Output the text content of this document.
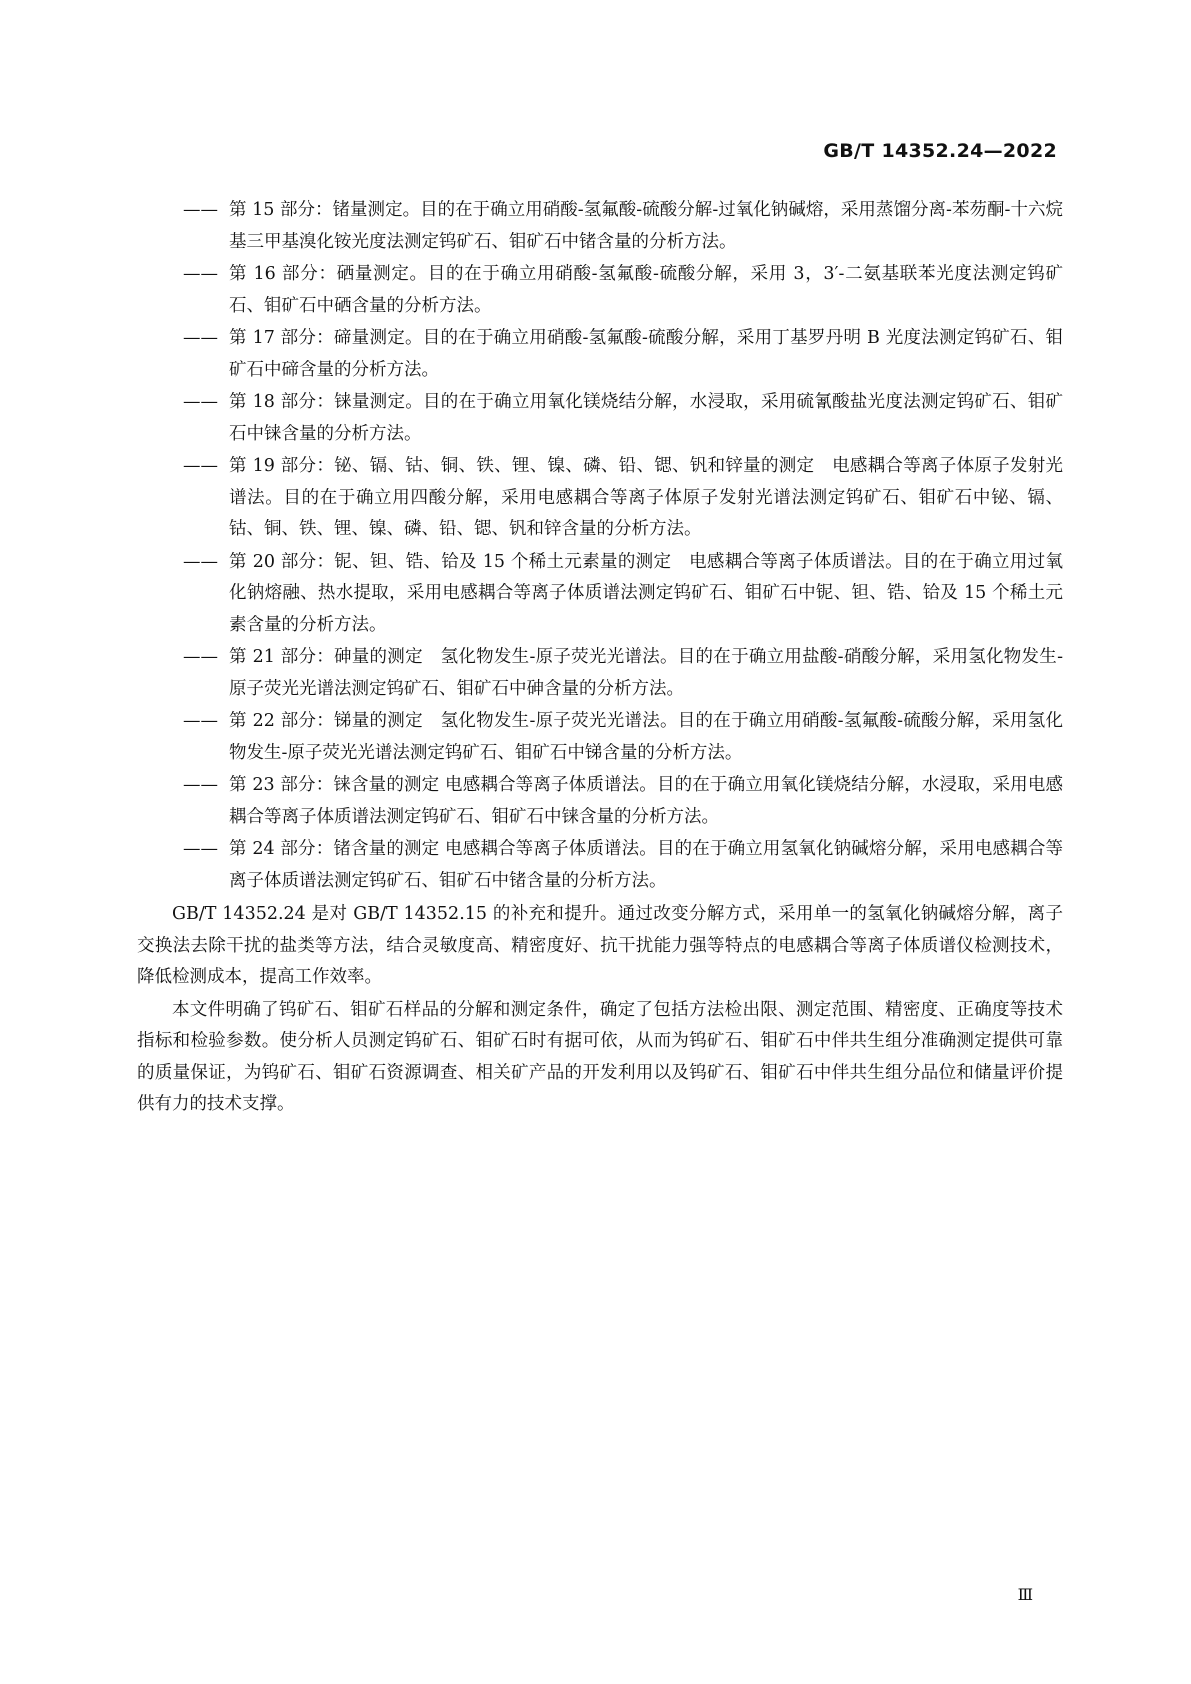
GB/T 14352.24—2022
—— 第 15 部分：锗量测定。目的在于确立用硝酸-氢氟酸-硫酸分解-过氧化钠碱熔，采用蒸馏分离-苯芴酮-十六烷基三甲基溴化铵光度法测定钨矿石、钼矿石中锗含量的分析方法。
—— 第 16 部分：硒量测定。目的在于确立用硝酸-氢氟酸-硫酸分解，采用 3，3′-二氨基联苯光度法测定钨矿石、钼矿石中硒含量的分析方法。
—— 第 17 部分：碲量测定。目的在于确立用硝酸-氢氟酸-硫酸分解，采用丁基罗丹明 B 光度法测定钨矿石、钼矿石中碲含量的分析方法。
—— 第 18 部分：铼量测定。目的在于确立用氧化镁烧结分解，水浸取，采用硫氰酸盐光度法测定钨矿石、钼矿石中铼含量的分析方法。
—— 第 19 部分：铋、镉、钴、铜、铁、锂、镍、磷、铅、锶、钒和锌量的测定　电感耦合等离子体原子发射光谱法。目的在于确立用四酸分解，采用电感耦合等离子体原子发射光谱法测定钨矿石、钼矿石中铋、镉、钴、铜、铁、锂、镍、磷、铅、锶、钒和锌含量的分析方法。
—— 第 20 部分：铌、钽、锆、铪及 15 个稀土元素量的测定　电感耦合等离子体质谱法。目的在于确立用过氧化钠熔融、热水提取，采用电感耦合等离子体质谱法测定钨矿石、钼矿石中铌、钽、锆、铪及 15 个稀土元素含量的分析方法。
—— 第 21 部分：砷量的测定　氢化物发生-原子荧光光谱法。目的在于确立用盐酸-硝酸分解，采用氢化物发生-原子荧光光谱法测定钨矿石、钼矿石中砷含量的分析方法。
—— 第 22 部分：锑量的测定　氢化物发生-原子荧光光谱法。目的在于确立用硝酸-氢氟酸-硫酸分解，采用氢化物发生-原子荧光光谱法测定钨矿石、钼矿石中锑含量的分析方法。
—— 第 23 部分：铼含量的测定 电感耦合等离子体质谱法。目的在于确立用氧化镁烧结分解，水浸取，采用电感耦合等离子体质谱法测定钨矿石、钼矿石中铼含量的分析方法。
—— 第 24 部分：锗含量的测定 电感耦合等离子体质谱法。目的在于确立用氢氧化钠碱熔分解，采用电感耦合等离子体质谱法测定钨矿石、钼矿石中锗含量的分析方法。

GB/T 14352.24 是对 GB/T 14352.15 的补充和提升。通过改变分解方式，采用单一的氢氧化钠碱熔分解，离子交换法去除干扰的盐类等方法，结合灵敏度高、精密度好、抗干扰能力强等特点的电感耦合等离子体质谱仪检测技术，降低检测成本，提高工作效率。

本文件明确了钨矿石、钼矿石样品的分解和测定条件，确定了包括方法检出限、测定范围、精密度、正确度等技术指标和检验参数。使分析人员测定钨矿石、钼矿石时有据可依，从而为钨矿石、钼矿石中伴共生组分准确测定提供可靠的质量保证，为钨矿石、钼矿石资源调查、相关矿产品的开发利用以及钨矿石、钼矿石中伴共生组分品位和储量评价提供有力的技术支撑。

Ⅲ
